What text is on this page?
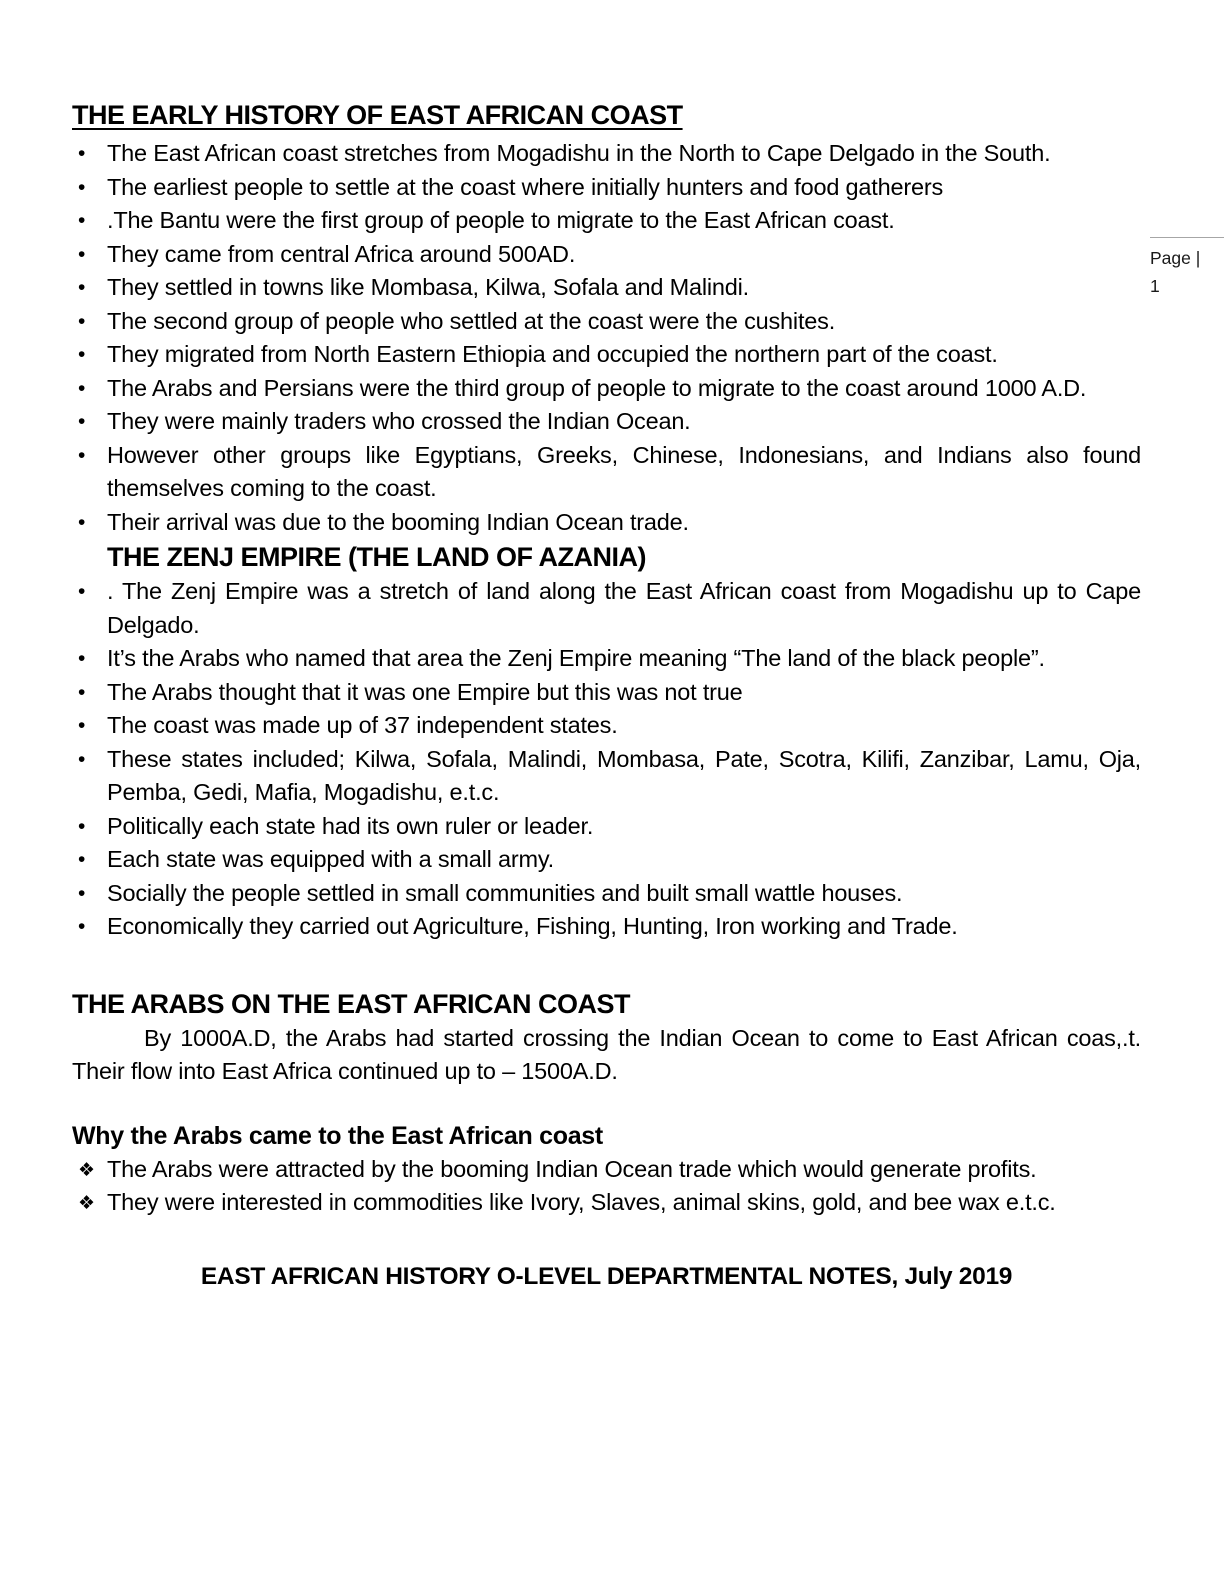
THE EARLY HISTORY OF EAST AFRICAN COAST
• The East African coast stretches from Mogadishu in the North to Cape Delgado in the South.
• The earliest people to settle at the coast where initially hunters and food gatherers
• .The Bantu were the first group of people to migrate to the East African coast.
• They came from central Africa around 500AD.
• They settled in towns like Mombasa, Kilwa, Sofala and Malindi.
• The second group of people who settled at the coast were the cushites.
• They migrated from North Eastern Ethiopia and occupied the northern part of the coast.
• The Arabs and Persians were the third group of people to migrate to the coast around 1000 A.D.
• They were mainly traders who crossed the Indian Ocean.
• However other groups like Egyptians, Greeks, Chinese, Indonesians, and Indians also found themselves coming to the coast.
• Their arrival was due to the booming Indian Ocean trade.
THE ZENJ EMPIRE (THE LAND OF AZANIA)
• . The Zenj Empire was a stretch of land along the East African coast from Mogadishu up to Cape Delgado.
• It’s the Arabs who named that area the Zenj Empire meaning “The land of the black people”.
• The Arabs thought that it was one Empire but this was not true
• The coast was made up of 37 independent states.
• These states included; Kilwa, Sofala, Malindi, Mombasa, Pate, Scotra, Kilifi, Zanzibar, Lamu, Oja, Pemba, Gedi, Mafia, Mogadishu, e.t.c.
• Politically each state had its own ruler or leader.
• Each state was equipped with a small army.
• Socially the people settled in small communities and built small wattle houses.
• Economically they carried out Agriculture, Fishing, Hunting, Iron working and Trade.
THE ARABS ON THE EAST AFRICAN COAST

By 1000A.D, the Arabs had started crossing the Indian Ocean to come to East African coas,.t. Their flow into East Africa continued up to – 1500A.D.

Why the Arabs came to the East African coast
❖ The Arabs were attracted by the booming Indian Ocean trade which would generate profits.
❖ They were interested in commodities like Ivory, Slaves, animal skins, gold, and bee wax e.t.c.
EAST AFRICAN HISTORY O-LEVEL DEPARTMENTAL NOTES, July 2019
Page |
1
